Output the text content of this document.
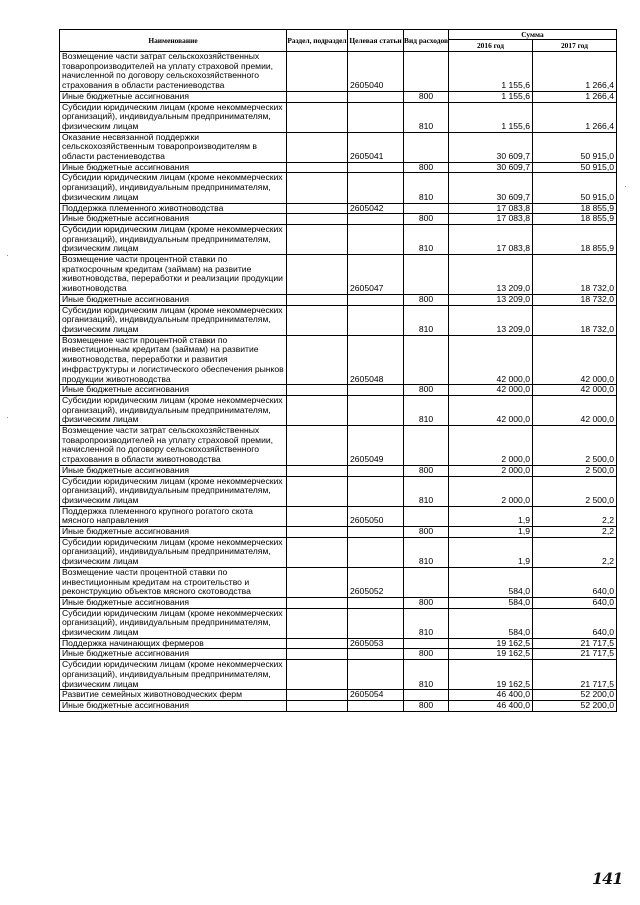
Наименование	Раздел, подраздел	Целевая статьи	Вид расходов	Сумма	
				2016 год	2017 год
Возмещение части затрат сельскохозяйственных товаропроизводителей на уплату страховой премии, начисленной по договору сельскохозяйственного страхования в области растениеводства		2605040		1 155,6	1 266,4
Иные бюджетные ассигнования			800	1 155,6	1 266,4
Субсидии юридическим лицам (кроме некоммерческих организаций), индивидуальным предпринимателям, физическим лицам			810	1 155,6	1 266,4
Оказание несвязанной поддержки сельскохозяйственным товаропроизводителям в области растениеводства		2605041		30 609,7	50 915,0
Иные бюджетные ассигнования			800	30 609,7	50 915,0
Субсидии юридическим лицам (кроме некоммерческих организаций), индивидуальным предпринимателям, физическим лицам			810	30 609,7	50 915,0
Поддержка племенного животноводства		2605042		17 083,8	18 855,9
Иные бюджетные ассигнования			800	17 083,8	18 855,9
Субсидии юридическим лицам (кроме некоммерческих организаций), индивидуальным предпринимателям, физическим лицам			810	17 083,8	18 855,9
Возмещение части процентной ставки по краткосрочным кредитам (займам) на развитие животноводства, переработки и реализации продукции животноводства		2605047		13 209,0	18 732,0
Иные бюджетные ассигнования			800	13 209,0	18 732,0
Субсидии юридическим лицам (кроме некоммерческих организаций), индивидуальным предпринимателям, физическим лицам			810	13 209,0	18 732,0
Возмещение части процентной ставки по инвестиционным кредитам (займам) на развитие животноводства, переработки и развития инфраструктуры и логистического обеспечения рынков продукции животноводства		2605048		42 000,0	42 000,0
Иные бюджетные ассигнования			800	42 000,0	42 000,0
Субсидии юридическим лицам (кроме некоммерческих организаций), индивидуальным предпринимателям, физическим лицам			810	42 000,0	42 000,0
Возмещение части затрат сельскохозяйственных товаропроизводителей на уплату страховой премии, начисленной по договору сельскохозяйственного страхования в области животноводства		2605049		2 000,0	2 500,0
Иные бюджетные ассигнования			800	2 000,0	2 500,0
Субсидии юридическим лицам (кроме некоммерческих организаций), индивидуальным предпринимателям, физическим лицам			810	2 000,0	2 500,0
Поддержка племенного крупного рогатого скота мясного направления		2605050		1,9	2,2
Иные бюджетные ассигнования			800	1,9	2,2
Субсидии юридическим лицам (кроме некоммерческих организаций), индивидуальным предпринимателям, физическим лицам			810	1,9	2,2
Возмещение части процентной ставки по инвестиционным кредитам на строительство и реконструкцию объектов мясного скотоводства		2605052		584,0	640,0
Иные бюджетные ассигнования			800	584,0	640,0
Субсидии юридическим лицам (кроме некоммерческих организаций), индивидуальным предпринимателям, физическим лицам			810	584,0	640,0
Поддержка начинающих фермеров		2605053		19 162,5	21 717,5
Иные бюджетные ассигнования			800	19 162,5	21 717,5
Субсидии юридическим лицам (кроме некоммерческих организаций), индивидуальным предпринимателям, физическим лицам			810	19 162,5	21 717,5
Развитие семейных животноводческих ферм		2605054		46 400,0	52 200,0
Иные бюджетные ассигнования			800	46 400,0	52 200,0
·
·
·
141
